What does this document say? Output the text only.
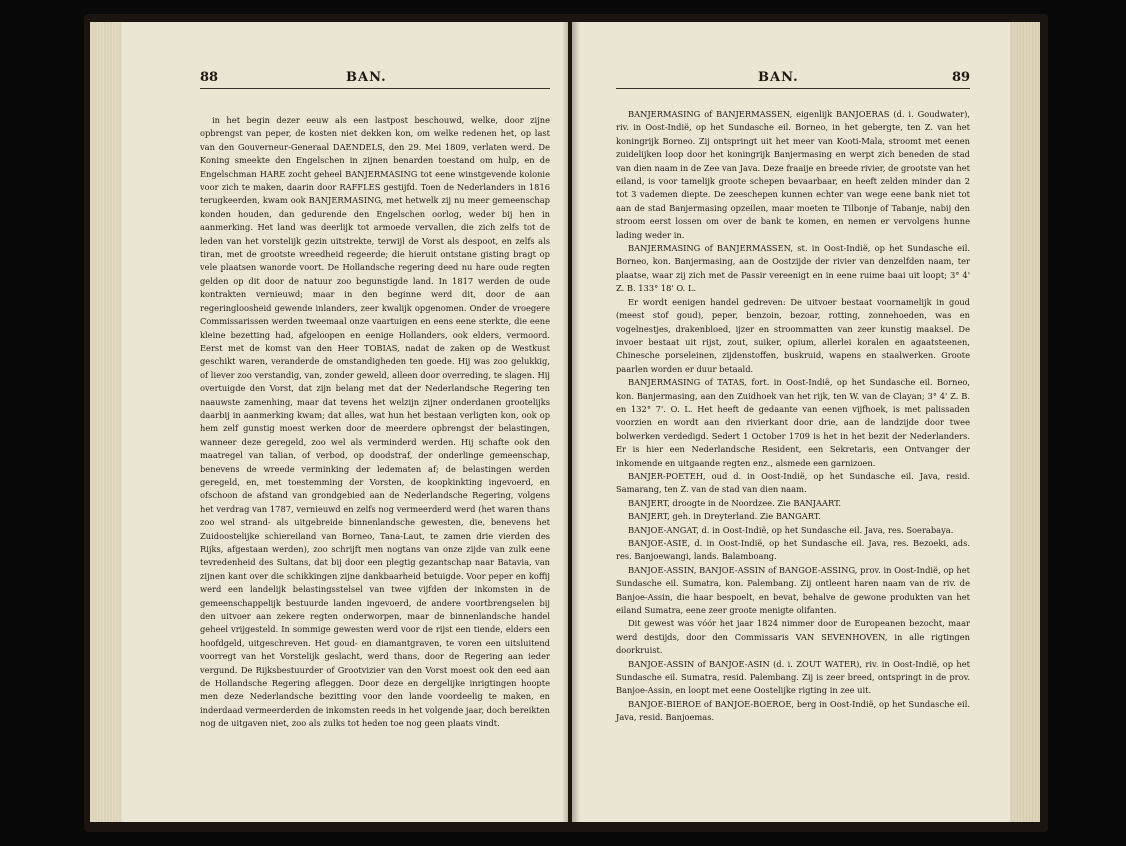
88	BAN.

in het begin dezer eeuw als een lastpost beschouwd, welke, door zijne opbrengst van peper, de kosten niet dekken kon, om welke redenen het, op last van den Gouverneur-Generaal DAENDELS, den 29. Mei 1809, verlaten werd. De Koning smeekte den Engelschen in zijnen benarden toestand om hulp, en de Engelschman HARE zocht geheel BANJERMASING tot eene winstgevende kolonie voor zich te maken, daarin door RAFFLES gestijfd. Toen de Nederlanders in 1816 terugkeerden, kwam ook BANJERMASING, met hetwelk zij nu meer gemeenschap konden houden, dan gedurende den Engelschen oorlog, weder bij hen in aanmerking. Het land was deerlijk tot armoede vervallen, die zich zelfs tot de leden van het vorstelijk gezin uitstrekte, terwijl de Vorst als despoot, en zelfs als tiran, met de grootste wreedheid regeerde; die hieruit ontstane gisting bragt op vele plaatsen wanorde voort. De Hollandsche regering deed nu hare oude regten gelden op dit door de natuur zoo begunstigde land. In 1817 werden de oude kontrakten vernieuwd; maar in den beginne werd dit, door de aan regeringloosheid gewende inlanders, zeer kwalijk opgenomen. Onder de vroegere Commissarissen werden tweemaal onze vaartuigen en eens eene sterkte, die eene kleine bezetting had, afgeloopen en eenige Hollanders, ook elders, vermoord. Eerst met de komst van den Heer TOBIAS, nadat de zaken op de Westkust geschikt waren, veranderde de omstandigheden ten goede. Hij was zoo gelukkig, of liever zoo verstandig, van, zonder geweld, alleen door overreding, te slagen. Hij overtuigde den Vorst, dat zijn belang met dat der Nederlandsche Regering ten naauwste zamenhing, maar dat tevens het welzijn zijner onderdanen grootelijks daarbij in aanmerking kwam; dat alles, wat hun het bestaan verligten kon, ook op hem zelf gunstig moest werken door de meerdere opbrengst der belastingen, wanneer deze geregeld, zoo wel als verminderd werden. Hij schafte ook den maatregel van talian, of verbod, op doodstraf, der onderlinge gemeenschap, benevens de wreede verminking der ledematen af; de belastingen werden geregeld, en, met toestemming der Vorsten, de koopkinkting ingevoerd, en ofschoon de afstand van grondgebied aan de Nederlandsche Regering, volgens het verdrag van 1787, vernieuwd en zelfs nog vermeerderd werd (het waren thans zoo wel strand- als uitgebreide binnenlandsche gewesten, die, benevens het Zuidoostelijke schiereiland van Borneo, Tana-Laut, te zamen drie vierden des Rijks, afgestaan werden), zoo schrijft men nogtans van onze zijde van zulk eene tevredenheid des Sultans, dat bij door een plegtig gezantschap naar Batavia, van zijnen kant over die schikkingen zijne dankbaarheid betuigde. Voor peper en koffij werd een landelijk belastingsstelsel van twee vijfden der inkomsten in de gemeenschappelijk bestuurde landen ingevoerd, de andere voortbrengselen bij den uitvoer aan zekere regten onderworpen, maar de binnenlandsche handel geheel vrijgesteld. In sommige gewesten werd voor de rijst een tiende, elders een hoofdgeld, uitgeschreven. Het goud- en diamantgraven, te voren een uitsluitend voorregt van het Vorstelijk geslacht, werd thans, door de Regering aan ieder vergund. De Rijksbestuurder of Grootvizier van den Vorst moest ook den eed aan de Hollandsche Regering afleggen. Door deze en dergelijke inrigtingen hoopte men deze Nederlandsche bezitting voor den lande voordeelig te maken, en inderdaad vermeerderden de inkomsten reeds in het volgende jaar, doch bereikten nog de uitgaven niet, zoo als zulks tot heden toe nog geen plaats vindt.

BAN.	89

BANJERMASING of BANJERMASSEN, eigenlijk BANJOERAS (d. i. Goudwater), riv. in Oost-Indië, op het Sundasche eil. Borneo, in het gebergte, ten Z. van het koningrijk Borneo. Zij ontspringt uit het meer van Kooti-Mala, stroomt met eenen zuidelijken loop door het koningrijk Banjermasing en werpt zich beneden de stad van dien naam in de Zee van Java. Deze fraaije en breede rivier, de grootste van het eiland, is voor tamelijk groote schepen bevaarbaar, en heeft zelden minder dan 2 tot 3 vademen diepte. De zeeschepen kunnen echter van wege eene bank niet tot aan de stad Banjermasing opzeilen, maar moeten te Tilbonje of Tabanje, nabij den stroom eerst lossen om over de bank te komen, en nemen er vervolgens hunne lading weder in.

BANJERMASING of BANJERMASSEN, st. in Oost-Indië, op het Sundasche eil. Borneo, kon. Banjermasing, aan de Oostzijde der rivier van denzelfden naam, ter plaatse, waar zij zich met de Passir vereenigt en in eene ruime baai uit loopt; 3° 4' Z. B. 133° 18' O. L.

Er wordt eenigen handel gedreven: De uitvoer bestaat voornamelijk in goud (meest stof goud), peper, benzoin, bezoar, rotting, zonnehoeden, was en vogelnestjes, drakenbloed, ijzer en stroommatten van zeer kunstig maaksel. De invoer bestaat uit rijst, zout, suiker, opium, allerlei koralen en agaatsteenen, Chinesche porseleinen, zijdenstoffen, buskruid, wapens en staalwerken. Groote paarlen worden er duur betaald.

BANJERMASING of TATAS, fort. in Oost-Indië, op het Sundasche eil. Borneo, kon. Banjermasing, aan den Zuidhoek van het rijk, ten W. van de Clayan; 3° 4' Z. B. en 132° 7'. O. L. Het heeft de gedaante van eenen vijfhoek, is met palissaden voorzien en wordt aan den rivierkant door drie, aan de landzijde door twee bolwerken verdedigd. Sedert 1 October 1709 is het in het bezit der Nederlanders. Er is hier een Nederlandsche Resident, een Sekretaris, een Ontvanger der inkomende en uitgaande regten enz., alsmede een garnizoen.

BANJER-POETEH, oud d. in Oost-Indië, op het Sundasche eil. Java, resid. Samarang, ten Z. van de stad van dien naam.

BANJERT, droogte in de Noordzee. Zie BANJAART.

BANJERT, geh. in Dreyterland. Zie BANGART.

BANJOE-ANGAT, d. in Oost-Indië, op het Sundasche eil. Java, res. Soerabaya.

BANJOE-ASIE, d. in Oost-Indië, op het Sundasche eil. Java, res. Bezoeki, ads. res. Banjoewangi, lands. Balamboang.

BANJOE-ASSIN, BANJOE-ASSIN of BANGOE-ASSING, prov. in Oost-Indië, op het Sundasche eil. Sumatra, kon. Palembang. Zij ontleent haren naam van de riv. de Banjoe-Assin, die haar bespoelt, en bevat, behalve de gewone produkten van het eiland Sumatra, eene zeer groote menigte olifanten.

Dit gewest was vóór het jaar 1824 nimmer door de Europeanen bezocht, maar werd destijds, door den Commissaris VAN SEVENHOVEN, in alle rigtingen doorkruist.

BANJOE-ASSIN of BANJOE-ASIN (d. i. ZOUT WATER), riv. in Oost-Indië, op het Sundasche eil. Sumatra, resid. Palembang. Zij is zeer breed, ontspringt in de prov. Banjoe-Assin, en loopt met eene Oostelijke rigting in zee uit.

BANJOE-BIEROE of BANJOE-BOEROE, berg in Oost-Indië, op het Sundasche eil. Java, resid. Banjoemas.
